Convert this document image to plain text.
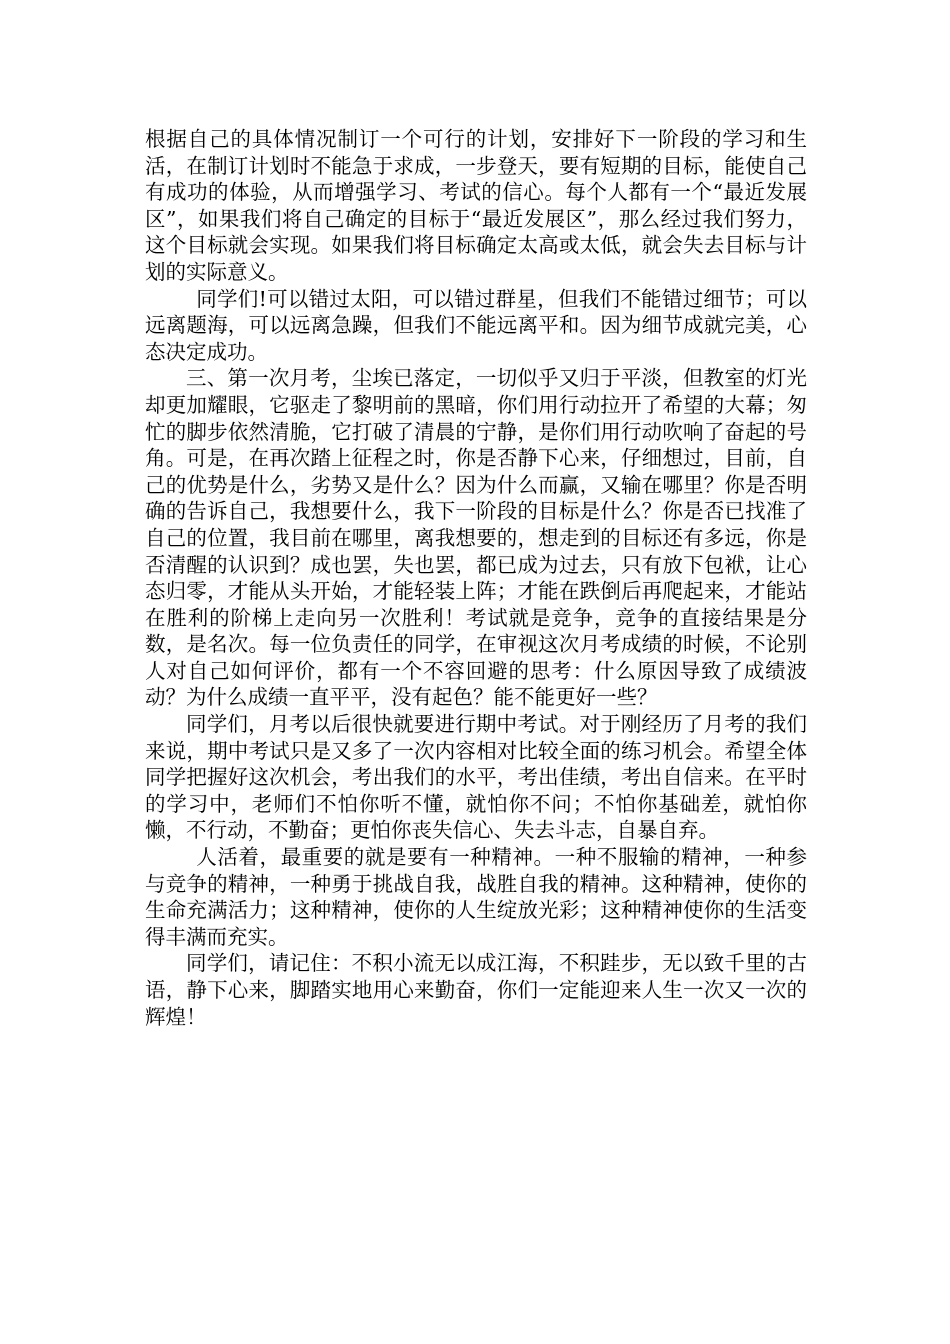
根据自己的具体情况制订一个可行的计划，安排好下一阶段的学习和生活，在制订计划时不能急于求成，一步登天，要有短期的目标，能使自己有成功的体验，从而增强学习、考试的信心。每个人都有一个“最近发展区”，如果我们将自己确定的目标于“最近发展区”，那么经过我们努力，这个目标就会实现。如果我们将目标确定太高或太低，就会失去目标与计划的实际意义。

同学们!可以错过太阳，可以错过群星，但我们不能错过细节；可以远离题海，可以远离急躁，但我们不能远离平和。因为细节成就完美，心态决定成功。

三、第一次月考，尘埃已落定，一切似乎又归于平淡，但教室的灯光却更加耀眼，它驱走了黎明前的黑暗，你们用行动拉开了希望的大幕；匆忙的脚步依然清脆，它打破了清晨的宁静，是你们用行动吹响了奋起的号角。可是，在再次踏上征程之时，你是否静下心来，仔细想过，目前，自己的优势是什么，劣势又是什么？因为什么而赢，又输在哪里？你是否明确的告诉自己，我想要什么，我下一阶段的目标是什么？你是否已找准了自己的位置，我目前在哪里，离我想要的，想走到的目标还有多远，你是否清醒的认识到？成也罢，失也罢，都已成为过去，只有放下包袱，让心态归零，才能从头开始，才能轻装上阵；才能在跌倒后再爬起来，才能站在胜利的阶梯上走向另一次胜利！考试就是竞争，竞争的直接结果是分数，是名次。每一位负责任的同学，在审视这次月考成绩的时候，不论别人对自己如何评价，都有一个不容回避的思考：什么原因导致了成绩波动？为什么成绩一直平平，没有起色？能不能更好一些？

同学们，月考以后很快就要进行期中考试。对于刚经历了月考的我们来说，期中考试只是又多了一次内容相对比较全面的练习机会。希望全体同学把握好这次机会，考出我们的水平，考出佳绩，考出自信来。在平时的学习中，老师们不怕你听不懂，就怕你不问；不怕你基础差，就怕你懒，不行动，不勤奋；更怕你丧失信心、失去斗志，自暴自弃。

人活着，最重要的就是要有一种精神。一种不服输的精神，一种参与竞争的精神，一种勇于挑战自我，战胜自我的精神。这种精神，使你的生命充满活力；这种精神，使你的人生绽放光彩；这种精神使你的生活变得丰满而充实。

同学们，请记住：不积小流无以成江海，不积跬步，无以致千里的古语，静下心来，脚踏实地用心来勤奋，你们一定能迎来人生一次又一次的辉煌！
